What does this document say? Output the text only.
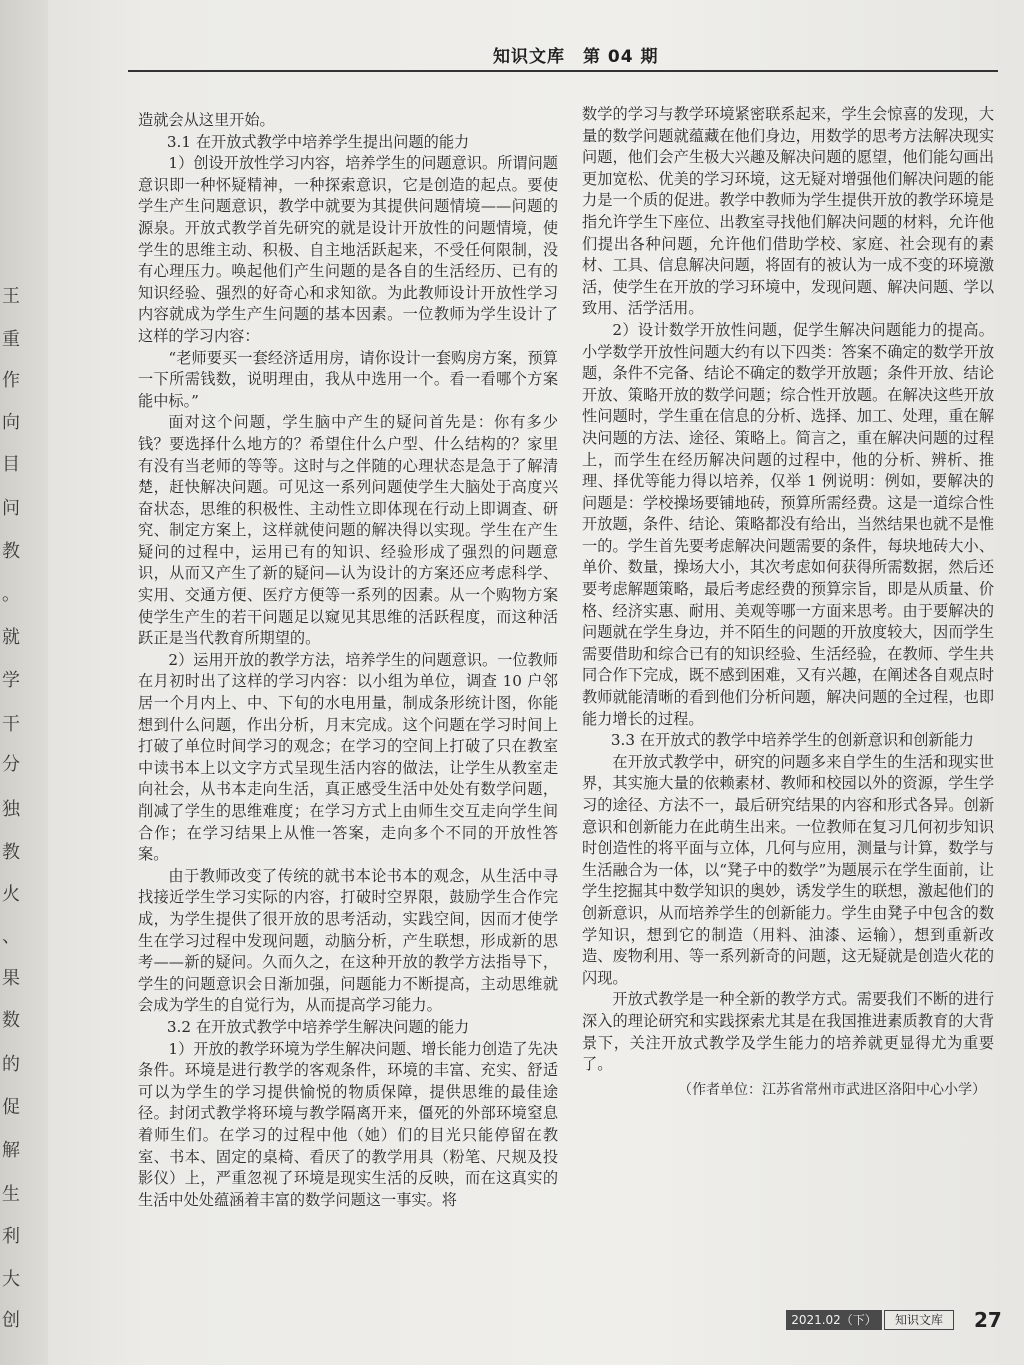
王
重
作
向
目
问
教
。
就
学
干
分
独
教
火
、
果
数
的
促
解
生
利
大
创
知识文库 第 04 期

造就会从这里开始。

3.1 在开放式教学中培养学生提出问题的能力

1）创设开放性学习内容，培养学生的问题意识。所谓问题意识即一种怀疑精神，一种探索意识，它是创造的起点。要使学生产生问题意识，教学中就要为其提供问题情境——问题的源泉。开放式教学首先研究的就是设计开放性的问题情境，使学生的思维主动、积极、自主地活跃起来，不受任何限制，没有心理压力。唤起他们产生问题的是各自的生活经历、已有的知识经验、强烈的好奇心和求知欲。为此教师设计开放性学习内容就成为学生产生问题的基本因素。一位教师为学生设计了这样的学习内容：

“老师要买一套经济适用房，请你设计一套购房方案，预算一下所需钱数，说明理由，我从中选用一个。看一看哪个方案能中标。”

面对这个问题，学生脑中产生的疑问首先是：你有多少钱？要选择什么地方的？希望住什么户型、什么结构的？家里有没有当老师的等等。这时与之伴随的心理状态是急于了解清楚，赶快解决问题。可见这一系列问题使学生大脑处于高度兴奋状态，思维的积极性、主动性立即体现在行动上即调查、研究、制定方案上，这样就使问题的解决得以实现。学生在产生疑问的过程中，运用已有的知识、经验形成了强烈的问题意识，从而又产生了新的疑问—认为设计的方案还应考虑科学、实用、交通方便、医疗方便等一系列的因素。从一个购物方案使学生产生的若干问题足以窥见其思维的活跃程度，而这种活跃正是当代教育所期望的。

2）运用开放的教学方法，培养学生的问题意识。一位教师在月初时出了这样的学习内容：以小组为单位，调查 10 户邻居一个月内上、中、下旬的水电用量，制成条形统计图，你能想到什么问题，作出分析，月末完成。这个问题在学习时间上打破了单位时间学习的观念；在学习的空间上打破了只在教室中读书本上以文字方式呈现生活内容的做法，让学生从教室走向社会，从书本走向生活，真正感受生活中处处有数学问题，削减了学生的思维难度；在学习方式上由师生交互走向学生间合作；在学习结果上从惟一答案，走向多个不同的开放性答案。

由于教师改变了传统的就书本论书本的观念，从生活中寻找接近学生学习实际的内容，打破时空界限，鼓励学生合作完成，为学生提供了很开放的思考活动，实践空间，因而才使学生在学习过程中发现问题，动脑分析，产生联想，形成新的思考——新的疑问。久而久之，在这种开放的教学方法指导下，学生的问题意识会日渐加强，问题能力不断提高，主动思维就会成为学生的自觉行为，从而提高学习能力。

3.2 在开放式教学中培养学生解决问题的能力

1）开放的教学环境为学生解决问题、增长能力创造了先决条件。环境是进行教学的客观条件，环境的丰富、充实、舒适可以为学生的学习提供愉悦的物质保障，提供思维的最佳途径。封闭式教学将环境与教学隔离开来，僵死的外部环境窒息着师生们。在学习的过程中他（她）们的目光只能停留在教室、书本、固定的桌椅、看厌了的教学用具（粉笔、尺规及投影仪）上，严重忽视了环境是现实生活的反映，而在这真实的生活中处处蕴涵着丰富的数学问题这一事实。将

数学的学习与教学环境紧密联系起来，学生会惊喜的发现，大量的数学问题就蕴藏在他们身边，用数学的思考方法解决现实问题，他们会产生极大兴趣及解决问题的愿望，他们能勾画出更加宽松、优美的学习环境，这无疑对增强他们解决问题的能力是一个质的促进。教学中教师为学生提供开放的教学环境是指允许学生下座位、出教室寻找他们解决问题的材料，允许他们提出各种问题，允许他们借助学校、家庭、社会现有的素材、工具、信息解决问题，将固有的被认为一成不变的环境激活，使学生在开放的学习环境中，发现问题、解决问题、学以致用、活学活用。

2）设计数学开放性问题，促学生解决问题能力的提高。小学数学开放性问题大约有以下四类：答案不确定的数学开放题，条件不完备、结论不确定的数学开放题；条件开放、结论开放、策略开放的数学问题；综合性开放题。在解决这些开放性问题时，学生重在信息的分析、选择、加工、处理，重在解决问题的方法、途径、策略上。简言之，重在解决问题的过程上，而学生在经历解决问题的过程中，他的分析、辨析、推理、择优等能力得以培养，仅举 1 例说明：例如，要解决的问题是：学校操场要铺地砖，预算所需经费。这是一道综合性开放题，条件、结论、策略都没有给出，当然结果也就不是惟一的。学生首先要考虑解决问题需要的条件，每块地砖大小、单价、数量，操场大小，其次考虑如何获得所需数据，然后还要考虑解题策略，最后考虑经费的预算宗旨，即是从质量、价格、经济实惠、耐用、美观等哪一方面来思考。由于要解决的问题就在学生身边，并不陌生的问题的开放度较大，因而学生需要借助和综合已有的知识经验、生活经验，在教师、学生共同合作下完成，既不感到困难，又有兴趣，在阐述各自观点时教师就能清晰的看到他们分析问题，解决问题的全过程，也即能力增长的过程。

3.3 在开放式的教学中培养学生的创新意识和创新能力

在开放式教学中，研究的问题多来自学生的生活和现实世界，其实施大量的依赖素材、教师和校园以外的资源，学生学习的途径、方法不一，最后研究结果的内容和形式各异。创新意识和创新能力在此萌生出来。一位教师在复习几何初步知识时创造性的将平面与立体，几何与应用，测量与计算，数学与生活融合为一体，以“凳子中的数学”为题展示在学生面前，让学生挖掘其中数学知识的奥妙，诱发学生的联想，激起他们的创新意识，从而培养学生的创新能力。学生由凳子中包含的数学知识，想到它的制造（用料、油漆、运输），想到重新改造、废物利用、等一系列新奇的问题，这无疑就是创造火花的闪现。

开放式教学是一种全新的教学方式。需要我们不断的进行深入的理论研究和实践探索尤其是在我国推进素质教育的大背景下，关注开放式教学及学生能力的培养就更显得尤为重要了。

（作者单位：江苏省常州市武进区洛阳中心小学）

2021.02（下）	知识文库	27
